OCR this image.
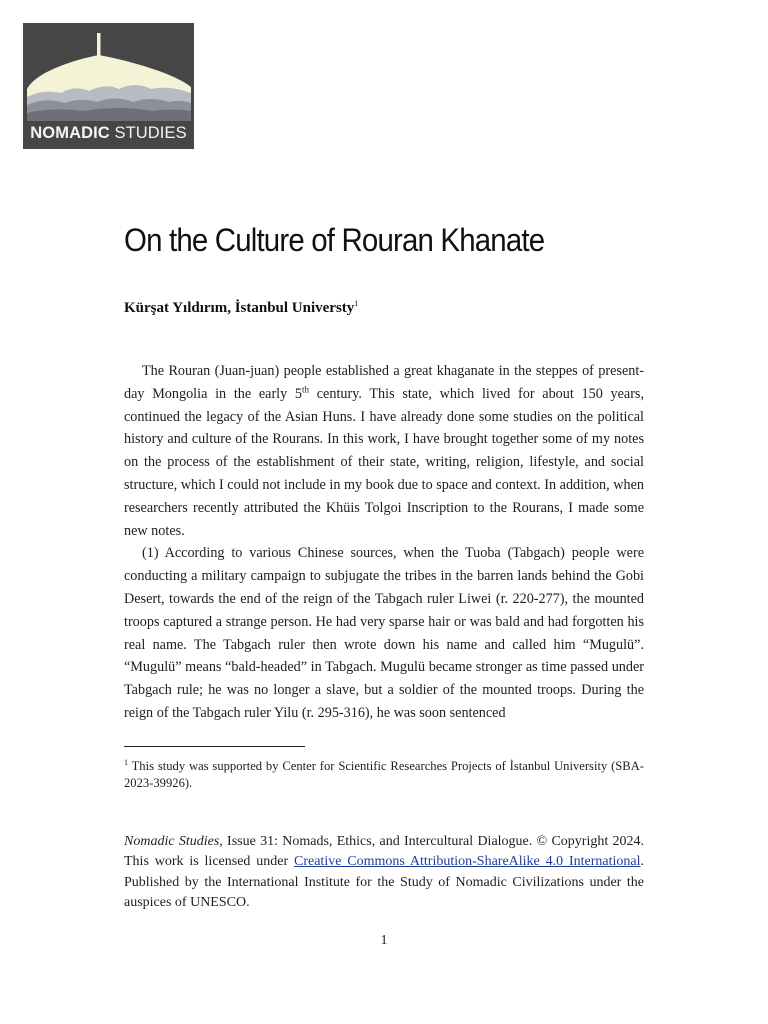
NOMADIC STUDIES
On the Culture of Rouran Khanate
Kürşat Yıldırım, İstanbul Universty$^1$

The Rouran (Juan-juan) people established a great khaganate in the steppes of present-day Mongolia in the early 5th century. This state, which lived for about 150 years, continued the legacy of the Asian Huns. I have already done some studies on the political history and culture of the Rourans. In this work, I have brought together some of my notes on the process of the establishment of their state, writing, religion, lifestyle, and social structure, which I could not include in my book due to space and context. In addition, when researchers recently attributed the Khüis Tolgoi Inscription to the Rourans, I made some new notes.

(1) According to various Chinese sources, when the Tuoba (Tabgach) people were conducting a military campaign to subjugate the tribes in the barren lands behind the Gobi Desert, towards the end of the reign of the Tabgach ruler Liwei (r. 220-277), the mounted troops captured a strange person. He had very sparse hair or was bald and had forgotten his real name. The Tabgach ruler then wrote down his name and called him “Mugulü”. “Mugulü” means “bald-headed” in Tabgach. Mugulü became stronger as time passed under Tabgach rule; he was no longer a slave, but a soldier of the mounted troops. During the reign of the Tabgach ruler Yilu (r. 295-316), he was soon sentenced

$^1$ This study was supported by Center for Scientific Researches Projects of İstanbul University (SBA-2023-39926).
Nomadic Studies, Issue 31: Nomads, Ethics, and Intercultural Dialogue. © Copyright 2024. This work is licensed under Creative Commons Attribution-ShareAlike 4.0 International. Published by the International Institute for the Study of Nomadic Civilizations under the auspices of UNESCO.
1
